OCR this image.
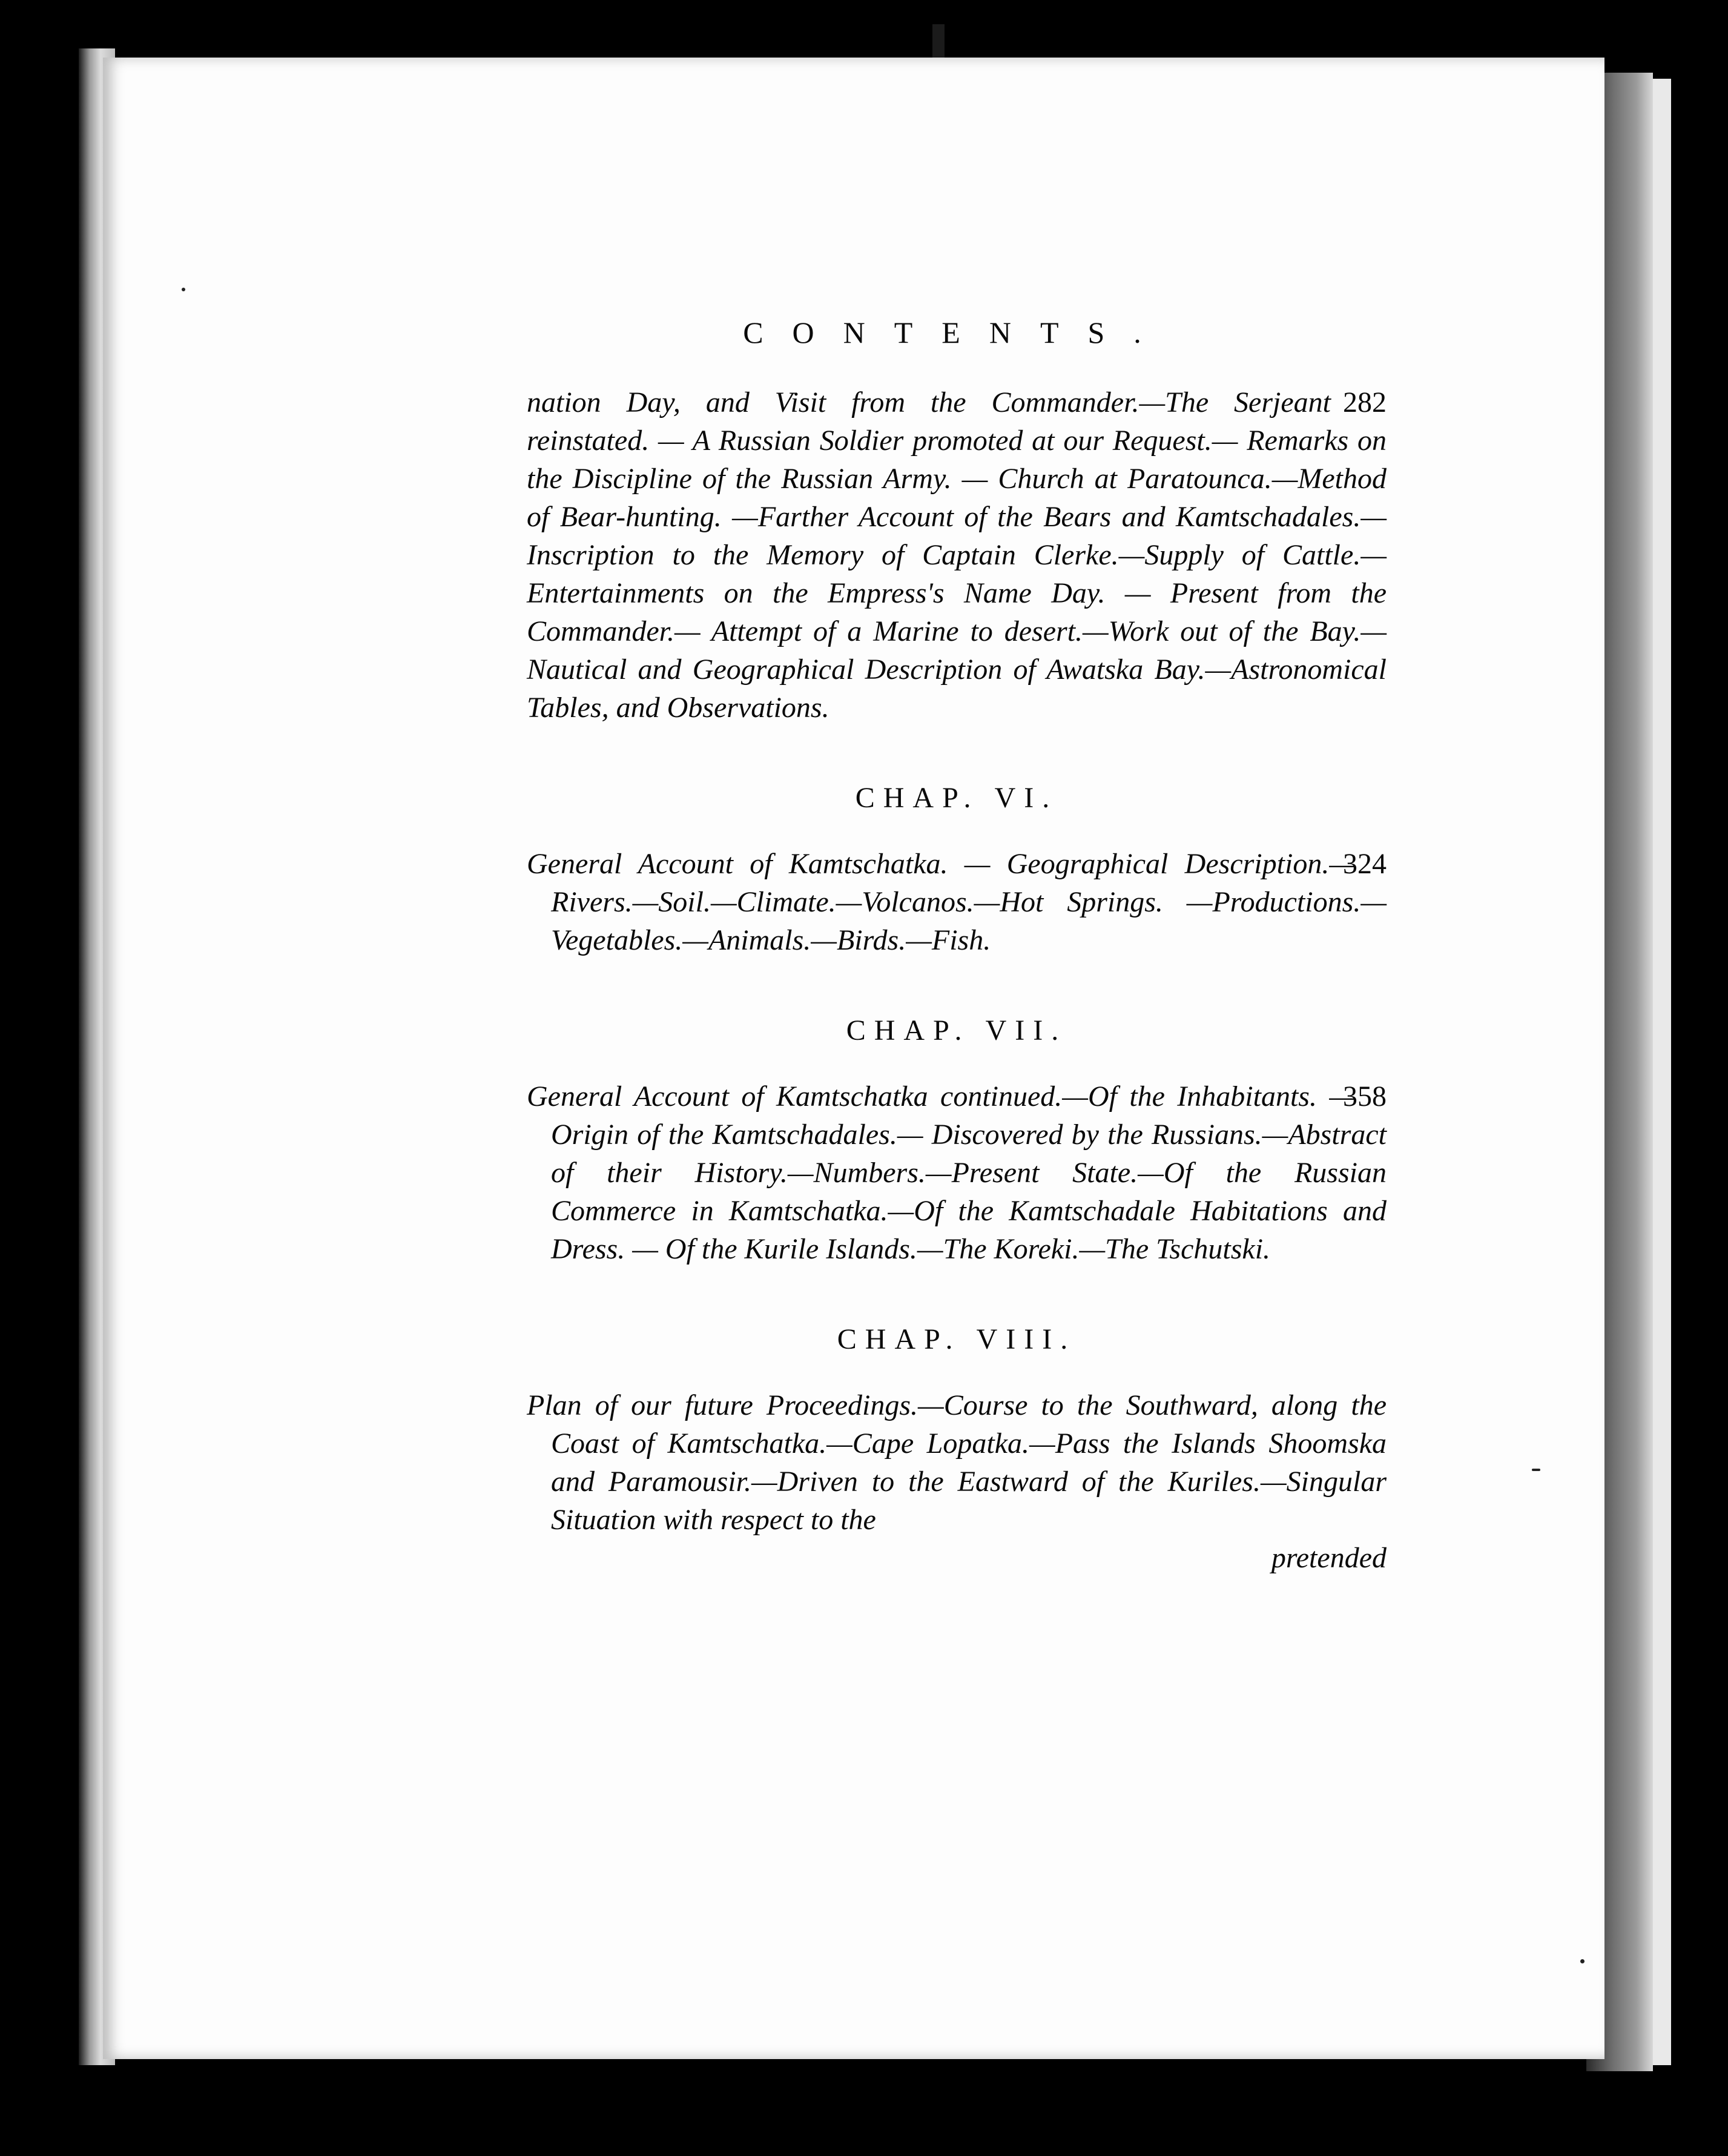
CONTENTS.

282
nation Day, and Visit from the Commander.—The Serjeant reinstated. — A Russian Soldier promoted at our Request.— Remarks on the Discipline of the Russian Army. — Church at Paratounca.—Method of Bear-hunting. —Farther Account of the Bears and Kamtschadales.—Inscription to the Memory of Captain Clerke.—Supply of Cattle.—Entertainments on the Empress's Name Day. — Present from the Commander.— Attempt of a Marine to desert.—Work out of the Bay.— Nautical and Geographical Description of Awatska Bay.—Astronomical Tables, and Observations.

CHAP. VI.

324
General Account of Kamtschatka. — Geographical Description.—Rivers.—Soil.—Climate.—Volcanos.—Hot Springs. —Productions.—Vegetables.—Animals.—Birds.—Fish.

CHAP. VII.

358
General Account of Kamtschatka continued.—Of the Inhabitants. — Origin of the Kamtschadales.— Discovered by the Russians.—Abstract of their History.—Numbers.—Present State.—Of the Russian Commerce in Kamtschatka.—Of the Kamtschadale Habitations and Dress. — Of the Kurile Islands.—The Koreki.—The Tschutski.

CHAP. VIII.

Plan of our future Proceedings.—Course to the Southward, along the Coast of Kamtschatka.—Cape Lopatka.—Pass the Islands Shoomska and Paramousir.—Driven to the Eastward of the Kuriles.—Singular Situation with respect to the

pretended
